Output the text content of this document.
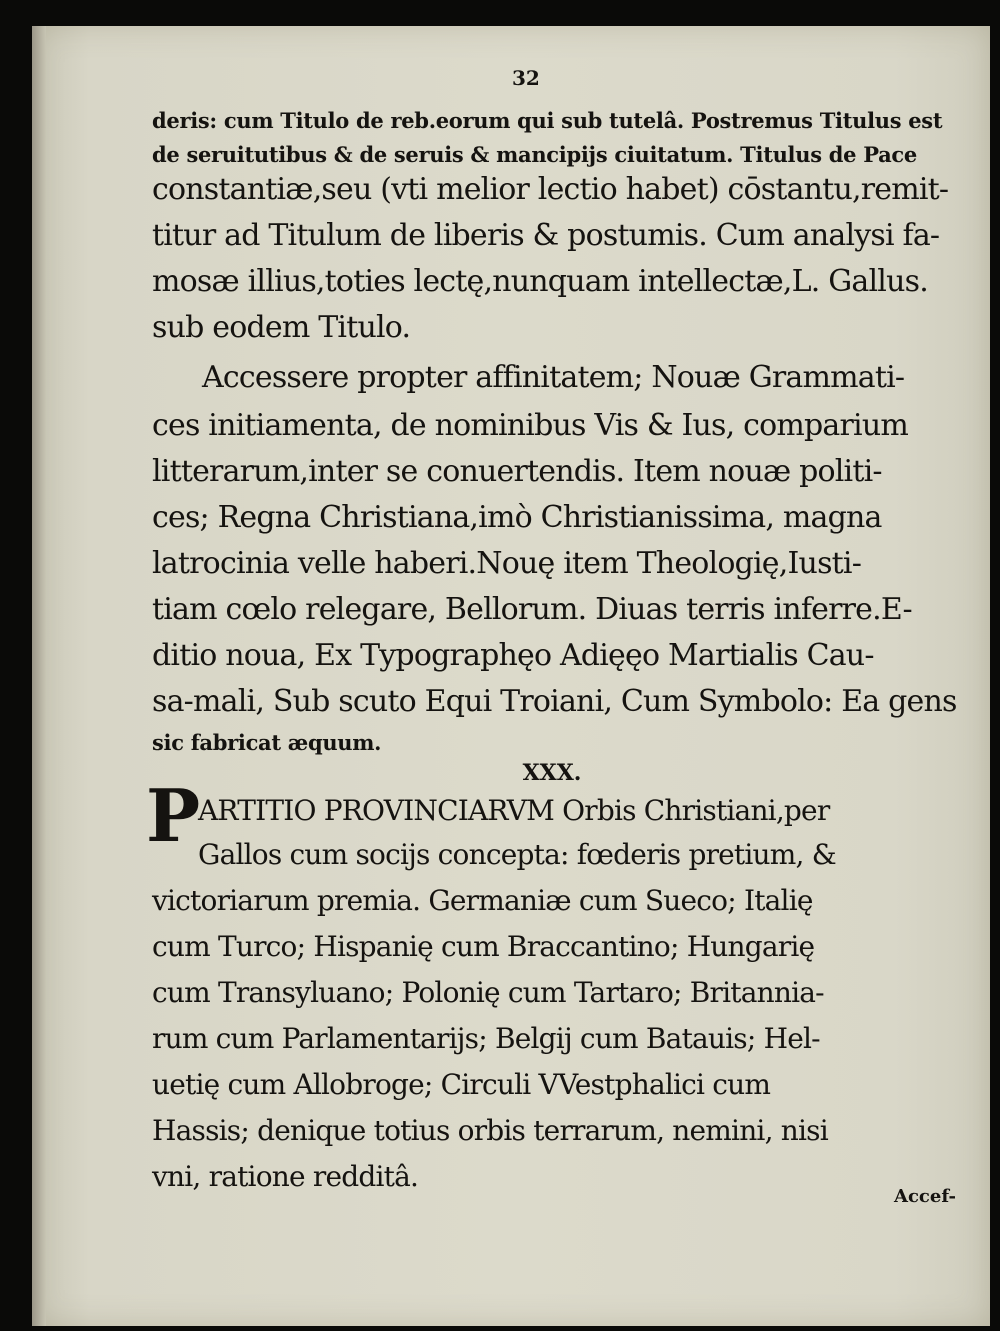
32
deris: cum Titulo de reb.eorum qui sub tutelâ. Postremus Titulus est
de seruitutibus & de seruis & mancipijs ciuitatum. Titulus de Pace
constantiæ,seu (vti melior lectio habet) cōstantu,remit-
titur ad Titulum de liberis & postumis. Cum analysi fa-
mosæ illius,toties lectę,nunquam intellectæ,L. Gallus.
sub eodem Titulo.
Accessere propter affinitatem; Nouæ Grammati-
ces initiamenta, de nominibus Vis & Ius, comparium
litterarum,inter se conuertendis. Item nouæ politi-
ces; Regna Christiana,imò Christianissima, magna
latrocinia velle haberi.Nouę item Theologię,Iusti-
tiam cœlo relegare, Bellorum. Diuas terris inferre.E-
ditio noua, Ex Typographęo Adięęo Martialis Cau-
sa-mali, Sub scuto Equi Troiani, Cum Symbolo: Ea gens
sic fabricat æquum.
XXX.
P
ARTITIO PROVINCIARVM Orbis Christiani,per
Gallos cum socijs concepta: fœderis pretium, &
victoriarum premia. Germaniæ cum Sueco; Italię
cum Turco; Hispanię cum Braccantino; Hungarię
cum Transyluano; Polonię cum Tartaro; Britannia-
rum cum Parlamentarijs; Belgij cum Batauis; Hel-
uetię cum Allobroge; Circuli VVestphalici cum
Hassis; denique totius orbis terrarum, nemini, nisi
vni, ratione redditâ.
Accef-
